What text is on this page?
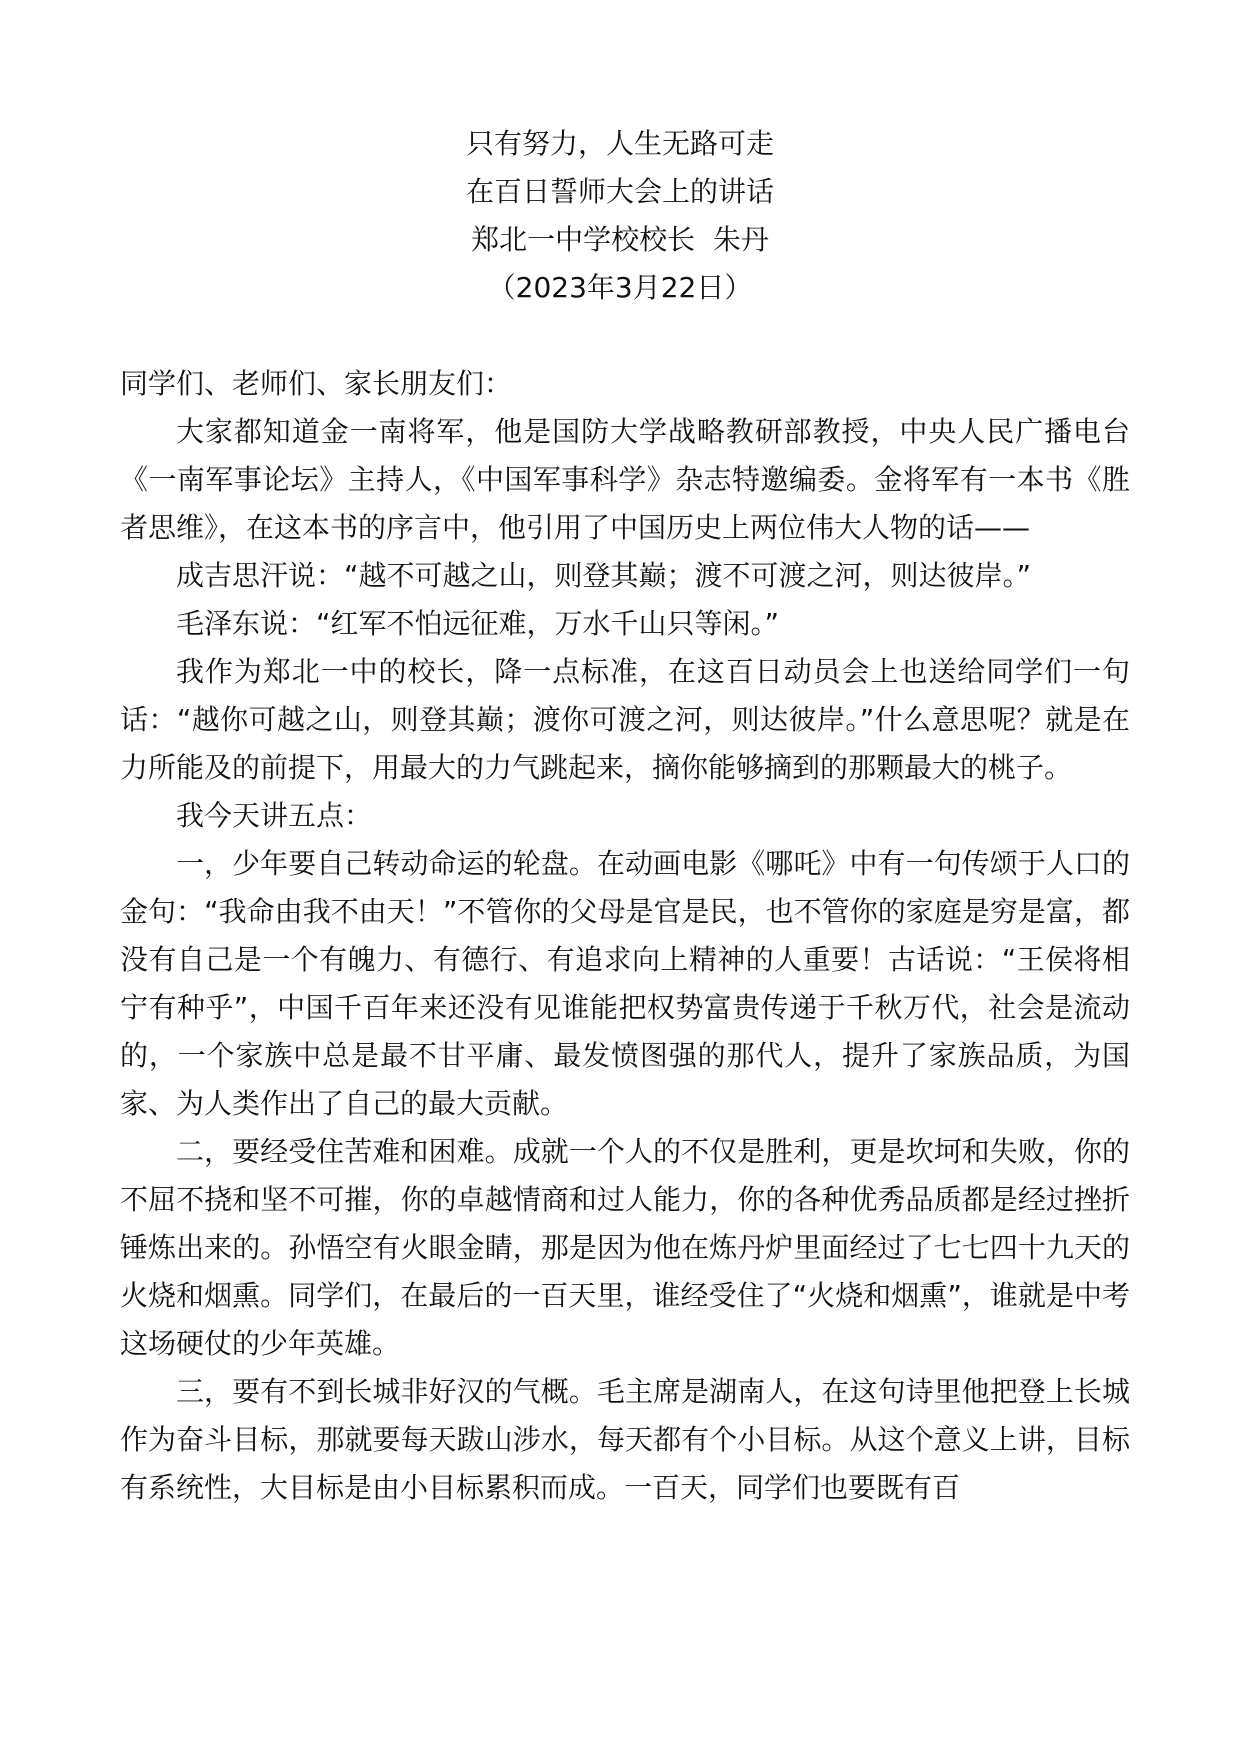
只有努力，人生无路可走
在百日誓师大会上的讲话
郑北一中学校校长  朱丹
（2023年3月22日）

同学们、老师们、家长朋友们：

大家都知道金一南将军，他是国防大学战略教研部教授，中央人民广播电台《一南军事论坛》主持人，《中国军事科学》杂志特邀编委。金将军有一本书《胜者思维》，在这本书的序言中，他引用了中国历史上两位伟大人物的话——

成吉思汗说：“越不可越之山，则登其巅；渡不可渡之河，则达彼岸。”

毛泽东说：“红军不怕远征难，万水千山只等闲。”

我作为郑北一中的校长，降一点标准，在这百日动员会上也送给同学们一句话：“越你可越之山，则登其巅；渡你可渡之河，则达彼岸。”什么意思呢？就是在力所能及的前提下，用最大的力气跳起来，摘你能够摘到的那颗最大的桃子。

我今天讲五点：

一，少年要自己转动命运的轮盘。在动画电影《哪吒》中有一句传颂于人口的金句：“我命由我不由天！”不管你的父母是官是民，也不管你的家庭是穷是富，都没有自己是一个有魄力、有德行、有追求向上精神的人重要！古话说：“王侯将相宁有种乎”，中国千百年来还没有见谁能把权势富贵传递于千秋万代，社会是流动的，一个家族中总是最不甘平庸、最发愤图强的那代人，提升了家族品质，为国家、为人类作出了自己的最大贡献。

二，要经受住苦难和困难。成就一个人的不仅是胜利，更是坎坷和失败，你的不屈不挠和坚不可摧，你的卓越情商和过人能力，你的各种优秀品质都是经过挫折锤炼出来的。孙悟空有火眼金睛，那是因为他在炼丹炉里面经过了七七四十九天的火烧和烟熏。同学们，在最后的一百天里，谁经受住了“火烧和烟熏”，谁就是中考这场硬仗的少年英雄。

三，要有不到长城非好汉的气概。毛主席是湖南人，在这句诗里他把登上长城作为奋斗目标，那就要每天跋山涉水，每天都有个小目标。从这个意义上讲，目标有系统性，大目标是由小目标累积而成。一百天，同学们也要既有百
